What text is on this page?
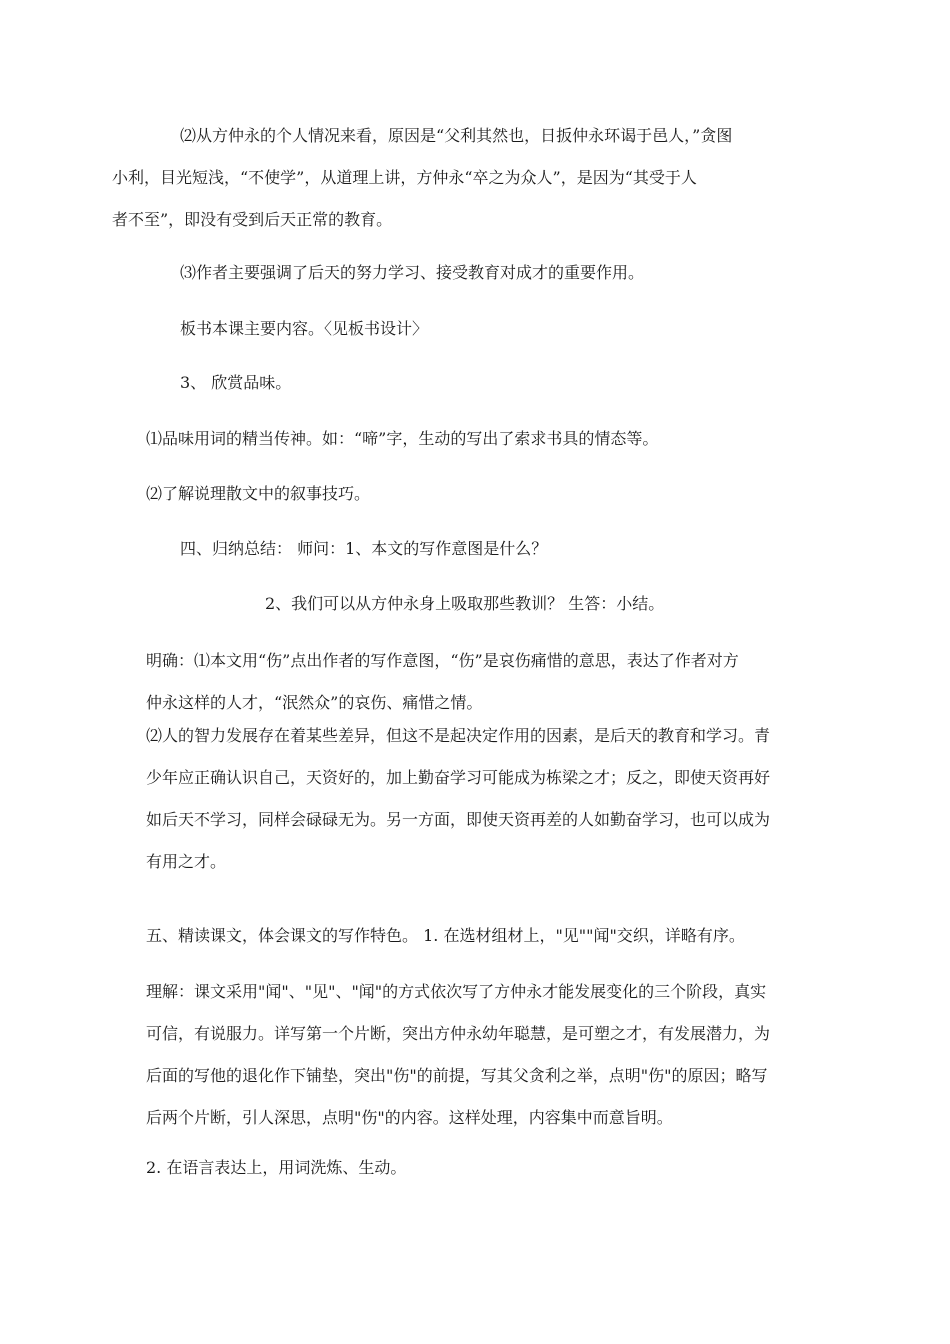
⑵从方仲永的个人情况来看，原因是“父利其然也，日扳仲永环谒于邑人，”贪图
小利，目光短浅，“不使学”，从道理上讲，方仲永“卒之为众人”，是因为“其受于人
者不至”，即没有受到后天正常的教育。
⑶作者主要强调了后天的努力学习、接受教育对成才的重要作用。
板书本课主要内容。〈见板书设计〉
3、 欣赏品味。
⑴品味用词的精当传神。如：“啼”字，生动的写出了索求书具的情态等。
⑵了解说理散文中的叙事技巧。
四、归纳总结： 师问：1、本文的写作意图是什么？
2、我们可以从方仲永身上吸取那些教训？ 生答：小结。
明确：⑴本文用“伤”点出作者的写作意图，“伤”是哀伤痛惜的意思，表达了作者对方
仲永这样的人才，“泯然众”的哀伤、痛惜之情。
⑵人的智力发展存在着某些差异，但这不是起决定作用的因素，是后天的教育和学习。青
少年应正确认识自己，天资好的，加上勤奋学习可能成为栋梁之才；反之，即使天资再好
如后天不学习，同样会碌碌无为。另一方面，即使天资再差的人如勤奋学习，也可以成为
有用之才。
五、精读课文，体会课文的写作特色。 1. 在选材组材上，"见""闻"交织，详略有序。
理解：课文采用"闻"、"见"、"闻"的方式依次写了方仲永才能发展变化的三个阶段，真实
可信，有说服力。详写第一个片断，突出方仲永幼年聪慧，是可塑之才，有发展潜力，为
后面的写他的退化作下铺垫，突出"伤"的前提，写其父贪利之举，点明"伤"的原因；略写
后两个片断，引人深思，点明"伤"的内容。这样处理，内容集中而意旨明。
2. 在语言表达上，用词洗炼、生动。
